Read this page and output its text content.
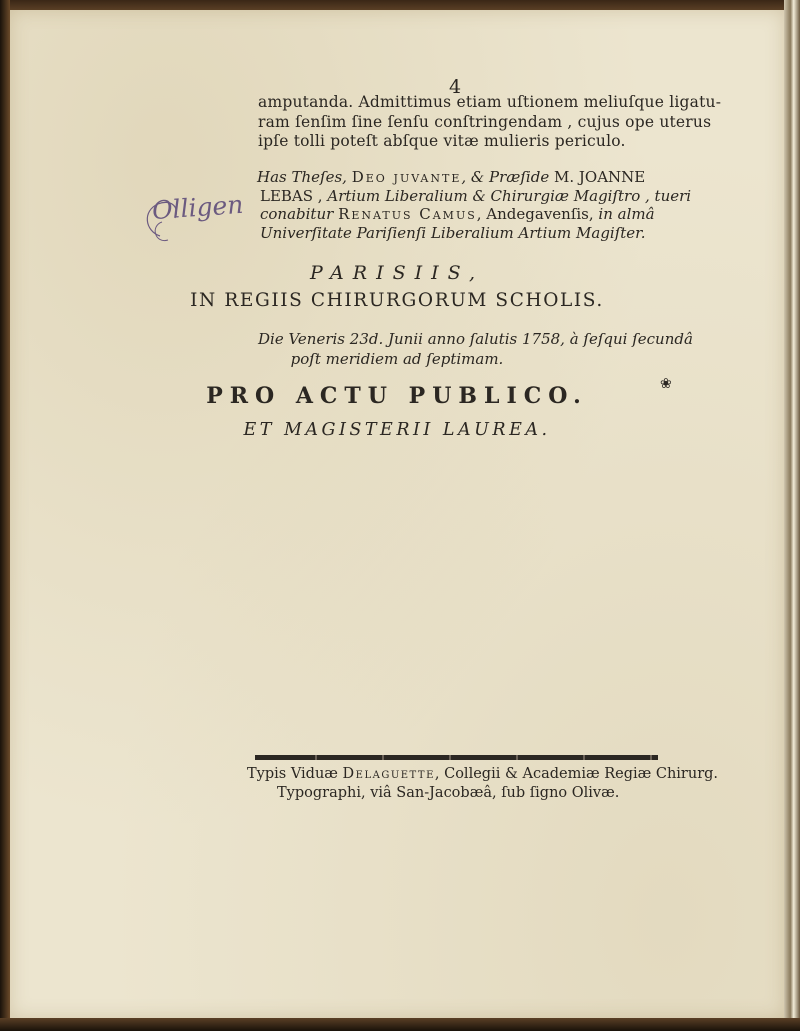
4
amputanda. Admittimus etiam uſtionem meliuſque ligatu-
ram ſenſim ſine ſenſu conſtringendam , cujus ope uterus
ipſe tolli poteſt abſque vitæ mulieris periculo.
Olligen
Has Theſes, Deo juvante, & Præſide M. JOANNE
LEBAS , Artium Liberalium & Chirurgiæ Magiſtro , tueri
conabitur Renatus Camus, Andegavenſis, in almâ
Univerſitate Pariſienſi Liberalium Artium Magiſter.
PARISIIS,
IN REGIIS CHIRURGORUM SCHOLIS.
Die Veneris 23d. Junii anno ſalutis 1758, à ſeſqui ſecundâ
poſt meridiem ad ſeptimam.
PRO ACTU PUBLICO.	❀
ET MAGISTERII LAUREA.
Typis Viduæ Delaguette, Collegii & Academiæ Regiæ Chirurg.
Typographi, viâ San-Jacobæâ, ſub ſigno Olivæ.
